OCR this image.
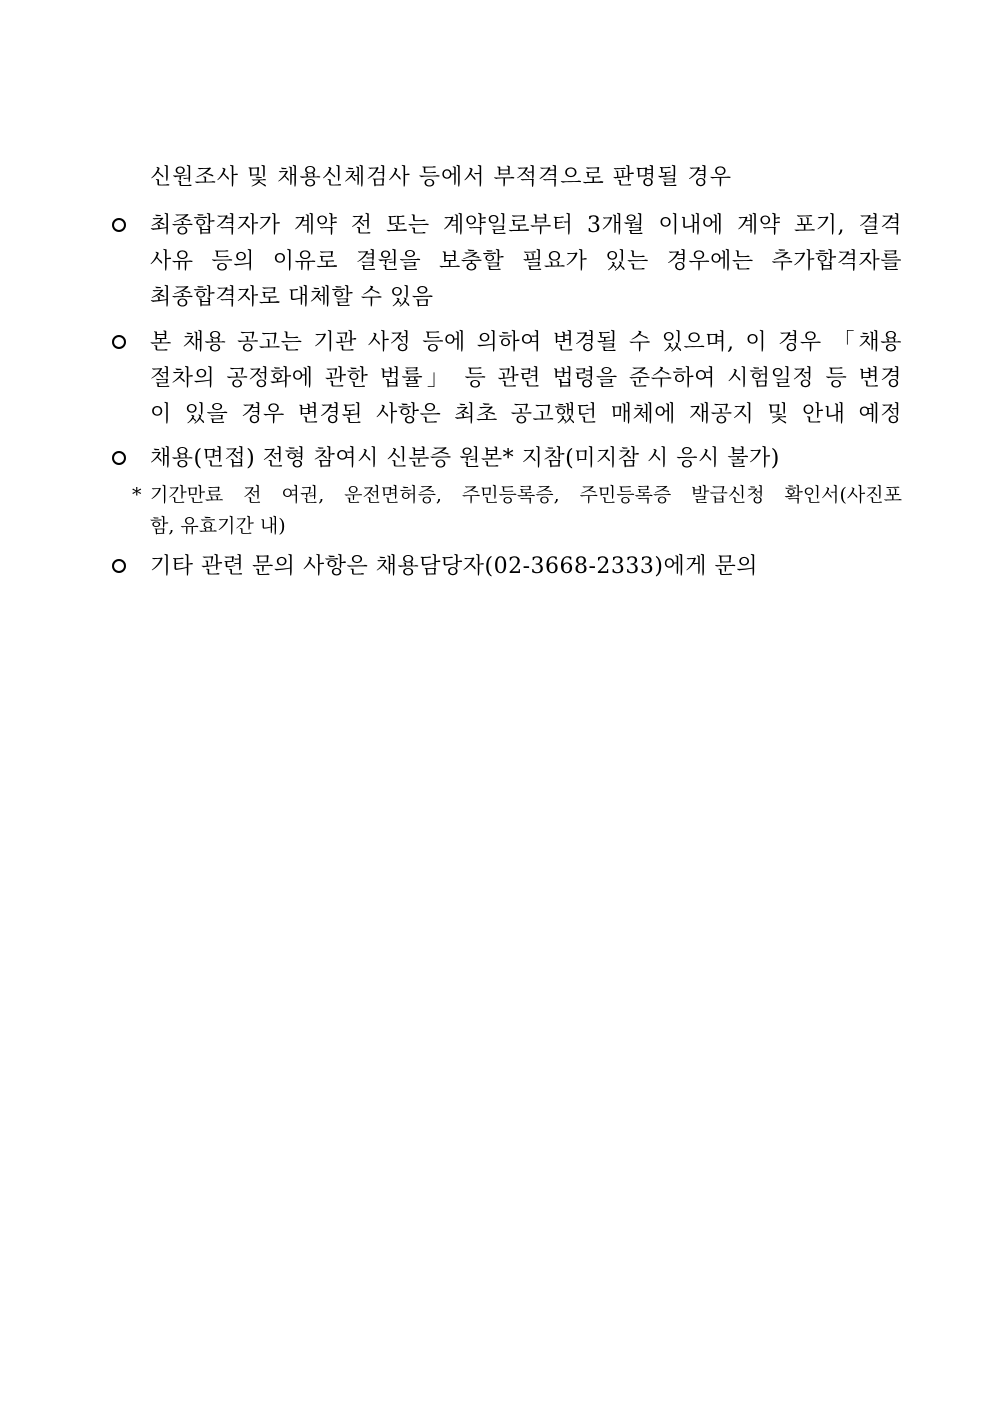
신원조사 및 채용신체검사 등에서 부적격으로 판명될 경우
최종합격자가 계약 전 또는 계약일로부터 3개월 이내에 계약 포기, 결격
사유 등의 이유로 결원을 보충할 필요가 있는 경우에는 추가합격자를
최종합격자로 대체할 수 있음
본 채용 공고는 기관 사정 등에 의하여 변경될 수 있으며, 이 경우 「채용
절차의 공정화에 관한 법률」 등 관련 법령을 준수하여 시험일정 등 변경
이 있을 경우 변경된 사항은 최초 공고했던 매체에 재공지 및 안내 예정
채용(면접) 전형 참여시 신분증 원본* 지참(미지참 시 응시 불가)
* 기간만료 전 여권, 운전면허증, 주민등록증, 주민등록증 발급신청 확인서(사진포
함, 유효기간 내)
기타 관련 문의 사항은 채용담당자(02-3668-2333)에게 문의
